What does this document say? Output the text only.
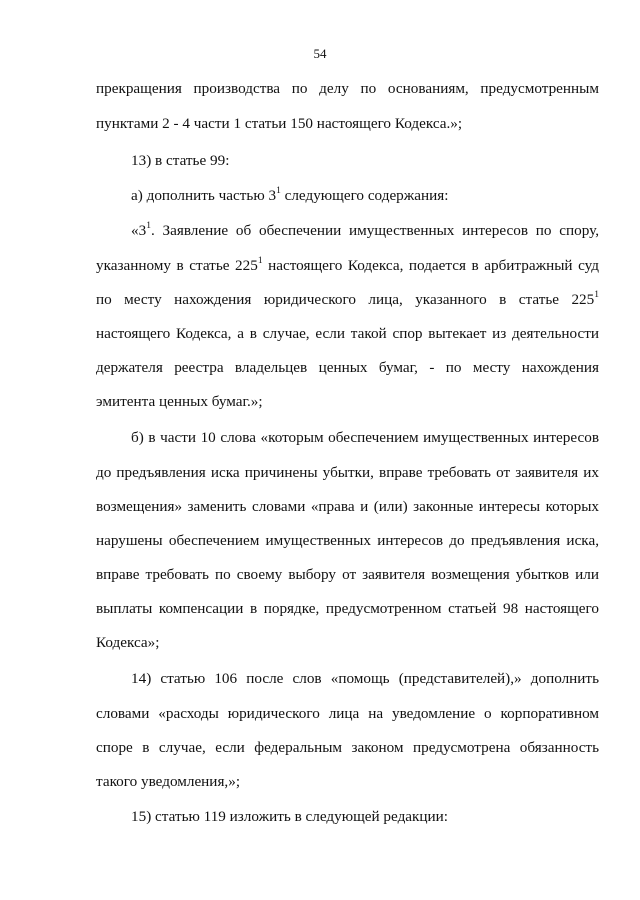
54
прекращения производства по делу по основаниям, предусмотренным
пунктами 2 - 4 части 1 статьи 150 настоящего Кодекса.»;
13) в статье 99:
а) дополнить частью $3^1$ следующего содержания:
«$3^1$. Заявление об обеспечении имущественных интересов по спору,
указанному в статье $225^1$ настоящего Кодекса, подается в арбитражный суд
по месту нахождения юридического лица, указанного в статье $225^1$
настоящего Кодекса, а в случае, если такой спор вытекает из деятельности
держателя реестра владельцев ценных бумаг, - по месту нахождения
эмитента ценных бумаг.»;
б) в части 10 слова «которым обеспечением имущественных интересов
до предъявления иска причинены убытки, вправе требовать от заявителя их
возмещения» заменить словами «права и (или) законные интересы которых
нарушены обеспечением имущественных интересов до предъявления иска,
вправе требовать по своему выбору от заявителя возмещения убытков или
выплаты компенсации в порядке, предусмотренном статьей 98 настоящего
Кодекса»;
14) статью 106 после слов «помощь (представителей),» дополнить
словами «расходы юридического лица на уведомление о корпоративном
споре в случае, если федеральным законом предусмотрена обязанность
такого уведомления,»;
15) статью 119 изложить в следующей редакции:
